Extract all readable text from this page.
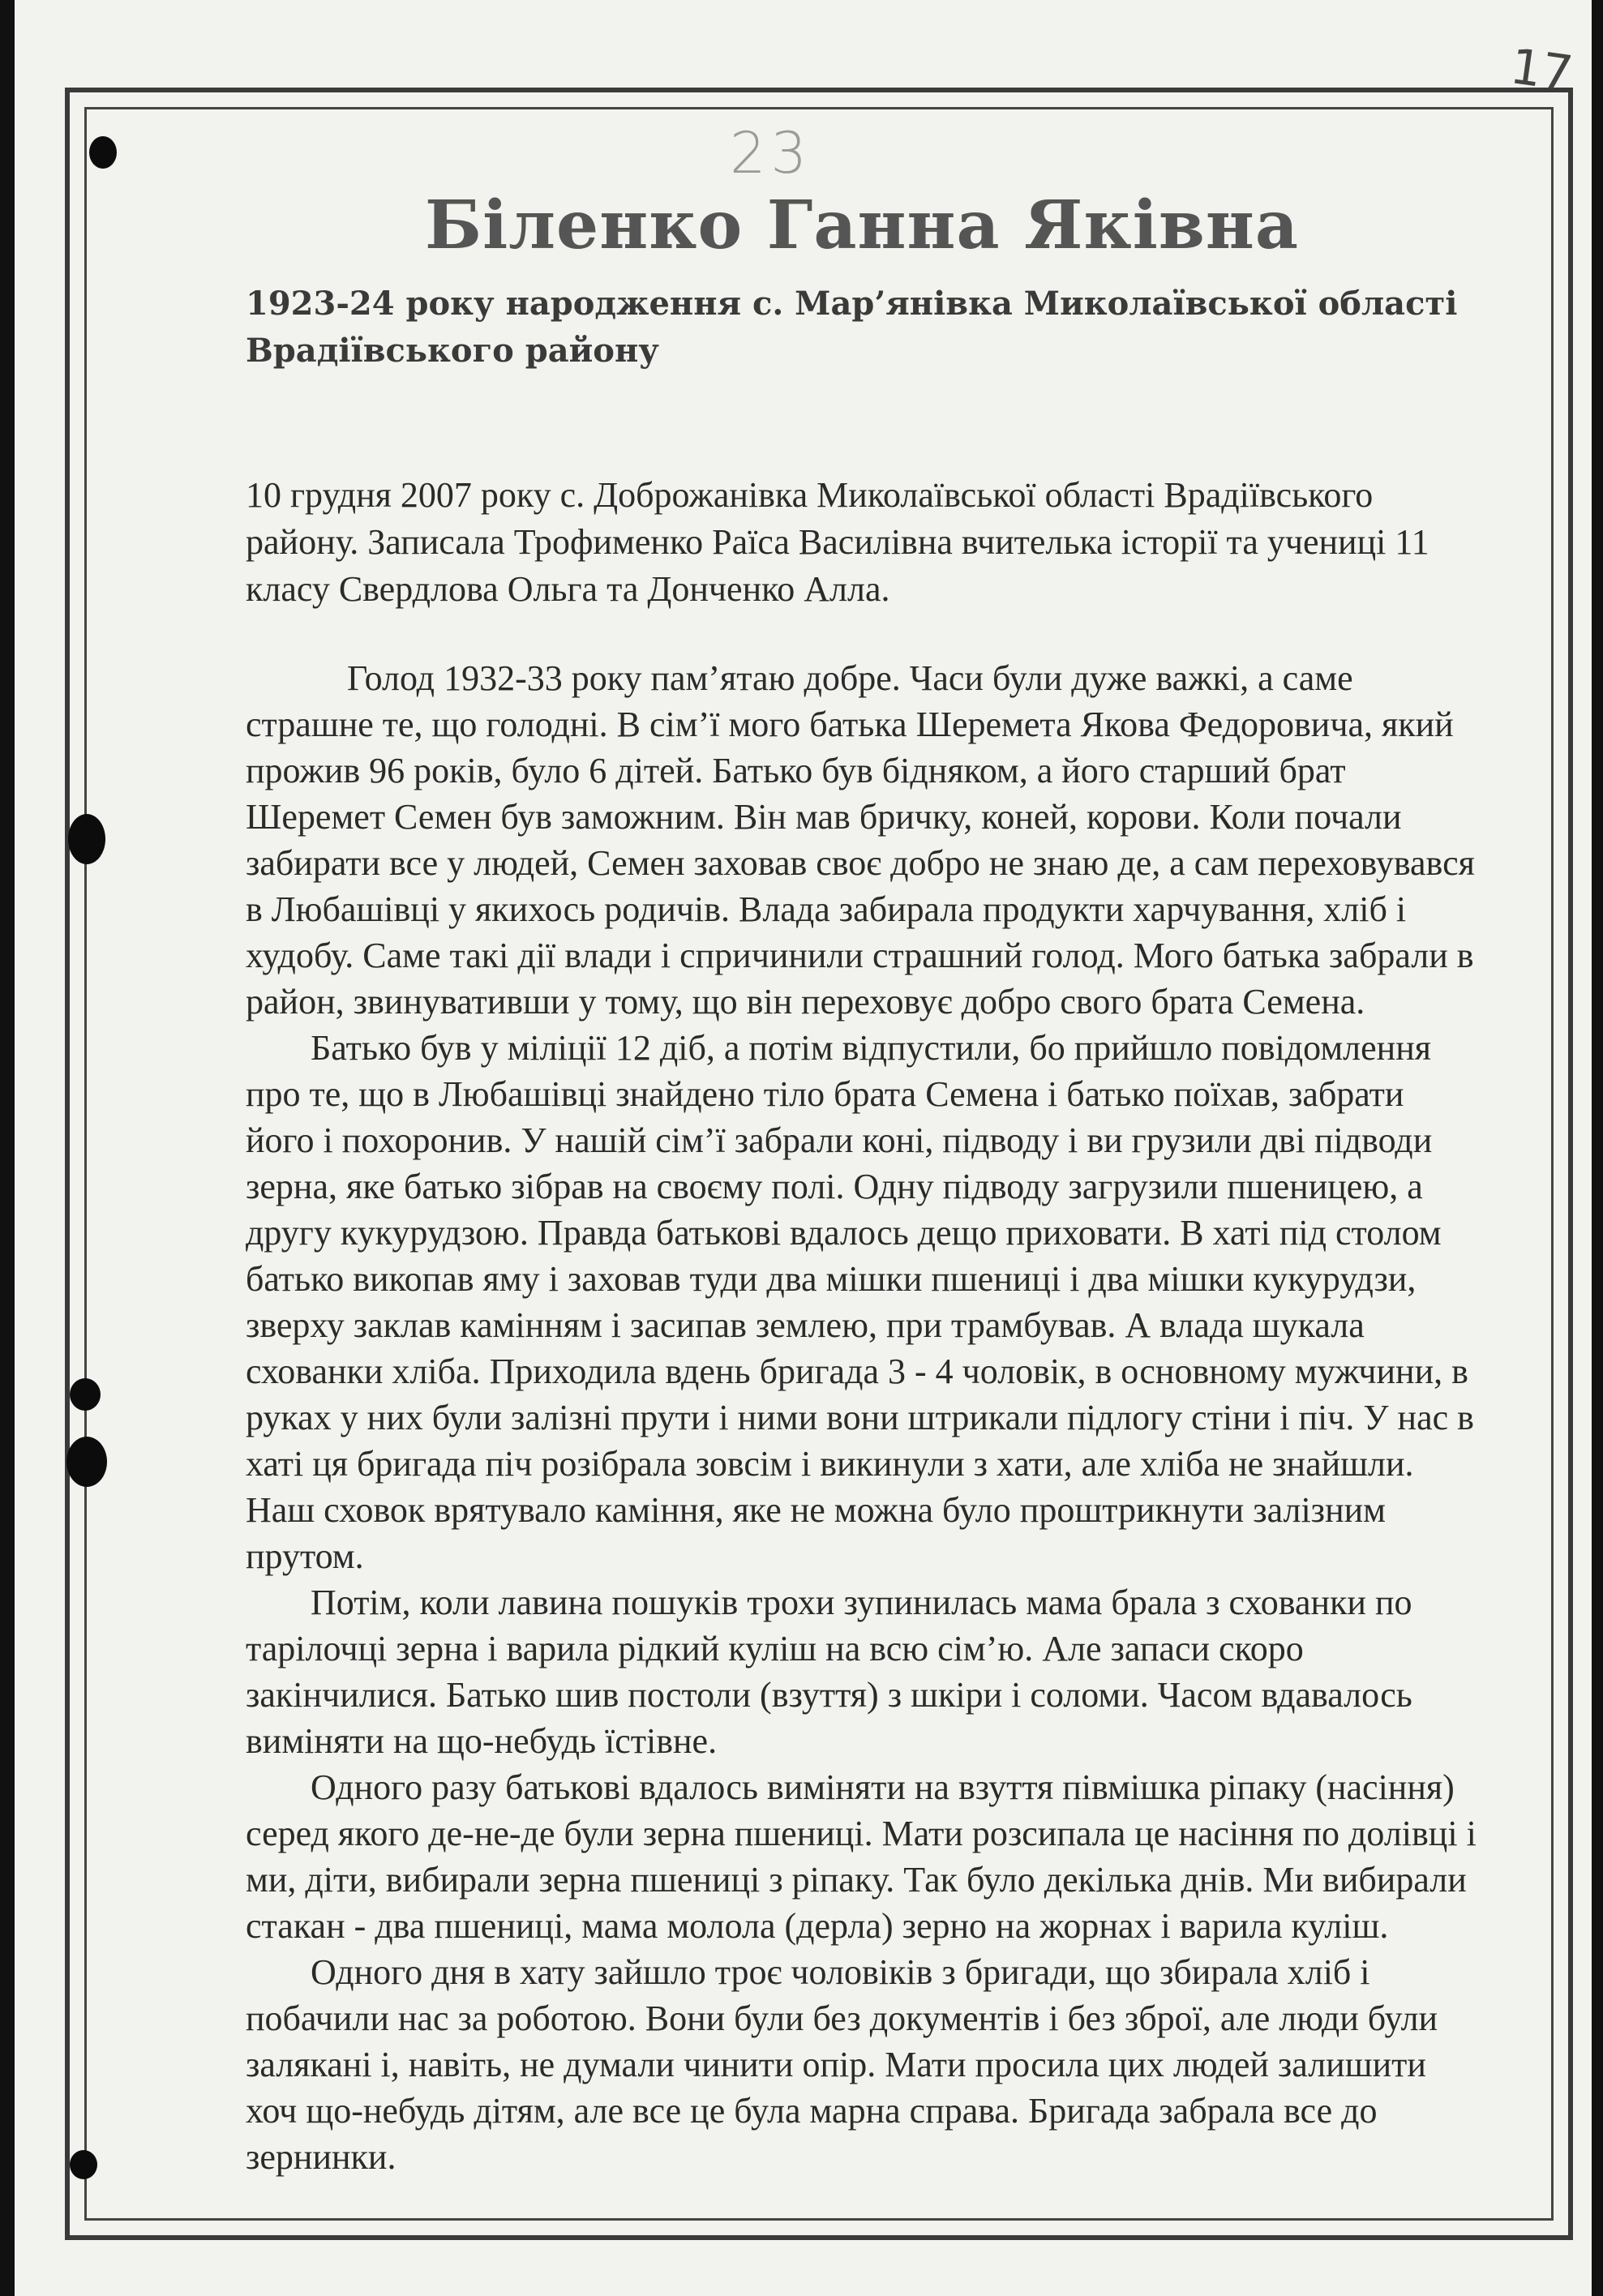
17
23
Біленко Ганна Яківна

1923-24 року народження с. Мар’янівка Миколаївської області Врадіївського району

10 грудня 2007 року с. Доброжанівка Миколаївської області Врадіївського району. Записала Трофименко Раїса Василівна вчителька історії та учениці 11 класу Свердлова Ольга та Донченко Алла.

Голод 1932-33 року пам’ятаю добре. Часи були дуже важкі, а саме страшне те, що голодні. В сім’ї мого батька Шеремета Якова Федоровича, який прожив 96 років, було 6 дітей. Батько був бідняком, а його старший брат Шеремет Семен був заможним. Він мав бричку, коней, корови. Коли почали забирати все у людей, Семен заховав своє добро не знаю де, а сам переховувався в Любашівці у якихось родичів. Влада забирала продукти харчування, хліб і худобу. Саме такі дії влади і спричинили страшний голод. Мого батька забрали в район, звинувативши у тому, що він переховує добро свого брата Семена.

Батько був у міліції 12 діб, а потім відпустили, бо прийшло повідомлення про те, що в Любашівці знайдено тіло брата Семена і батько поїхав, забрати його і похоронив. У нашій сім’ї забрали коні, підводу і ви грузили дві підводи зерна, яке батько зібрав на своєму полі. Одну підводу загрузили пшеницею, а другу кукурудзою. Правда батькові вдалось дещо приховати. В хаті під столом батько викопав яму і заховав туди два мішки пшениці і два мішки кукурудзи, зверху заклав камінням і засипав землею, при трамбував. А влада шукала схованки хліба. Приходила вдень бригада 3 - 4 чоловік, в основному мужчини, в руках у них були залізні прути і ними вони штрикали підлогу стіни і піч. У нас в хаті ця бригада піч розібрала зовсім і викинули з хати, але хліба не знайшли. Наш сховок врятувало каміння, яке не можна було проштрикнути залізним прутом.

Потім, коли лавина пошуків трохи зупинилась мама брала з схованки по тарілочці зерна і варила рідкий куліш на всю сім’ю. Але запаси скоро закінчилися. Батько шив постоли (взуття) з шкіри і соломи. Часом вдавалось виміняти на що-небудь їстівне.

Одного разу батькові вдалось виміняти на взуття півмішка ріпаку (насіння) серед якого де-не-де були зерна пшениці. Мати розсипала це насіння по долівці і ми, діти, вибирали зерна пшениці з ріпаку. Так було декілька днів. Ми вибирали стакан - два пшениці, мама молола (дерла) зерно на жорнах і варила куліш.

Одного дня в хату зайшло троє чоловіків з бригади, що збирала хліб і побачили нас за роботою. Вони були без документів і без зброї, але люди були залякані і, навіть, не думали чинити опір. Мати просила цих людей залишити хоч що-небудь дітям, але все це була марна справа. Бригада забрала все до зернинки.
